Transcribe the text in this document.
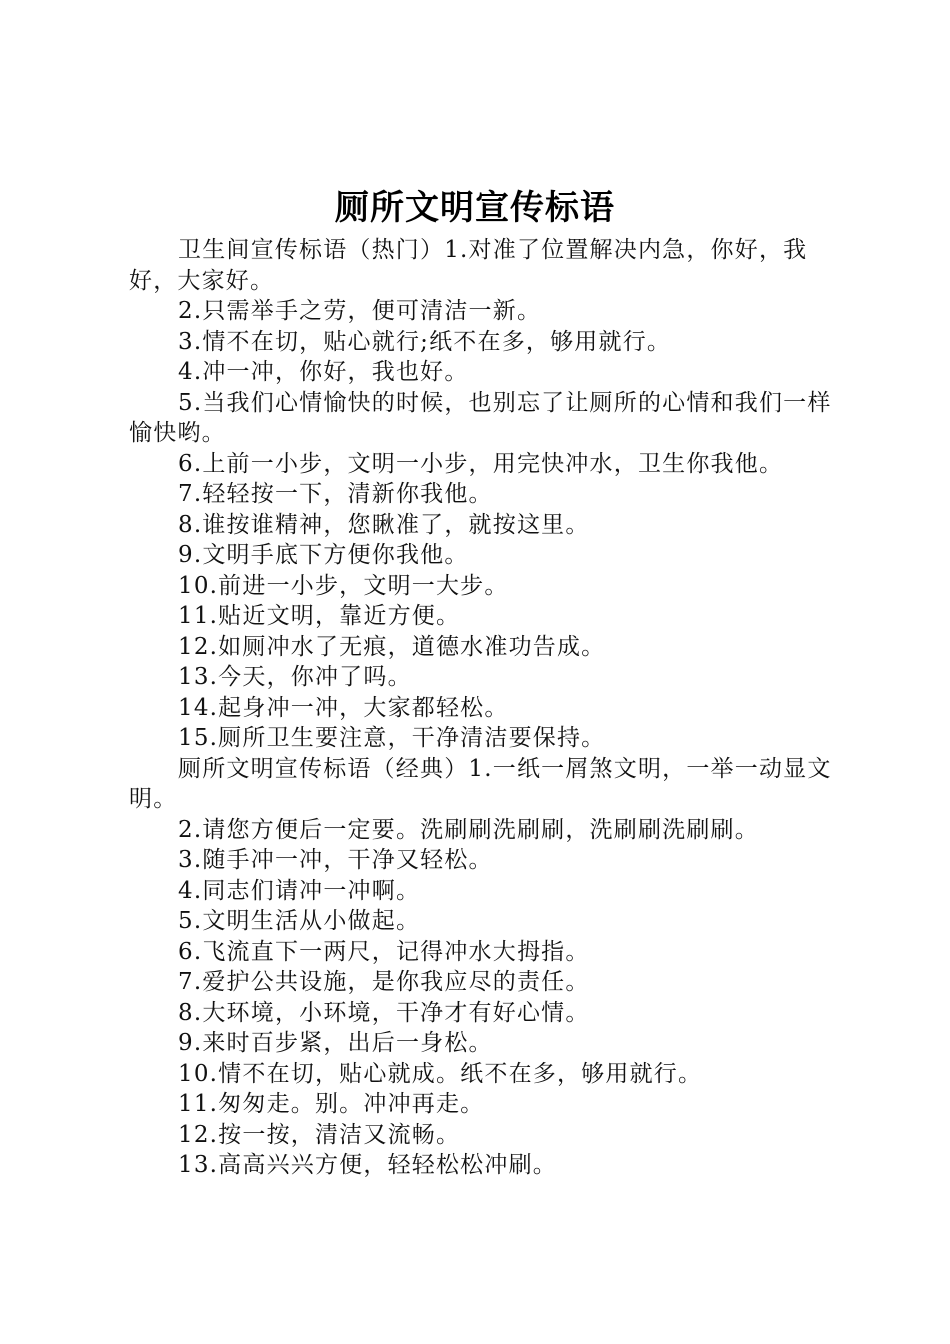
厕所文明宣传标语

卫生间宣传标语（热门）1.对准了位置解决内急，你好，我好，大家好。

2.只需举手之劳，便可清洁一新。

3.情不在切，贴心就行;纸不在多，够用就行。

4.冲一冲，你好，我也好。

5.当我们心情愉快的时候，也别忘了让厕所的心情和我们一样愉快哟。

6.上前一小步，文明一小步，用完快冲水，卫生你我他。

7.轻轻按一下，清新你我他。

8.谁按谁精神，您瞅准了，就按这里。

9.文明手底下方便你我他。

10.前进一小步，文明一大步。

11.贴近文明，靠近方便。

12.如厕冲水了无痕，道德水准功告成。

13.今天，你冲了吗。

14.起身冲一冲，大家都轻松。

15.厕所卫生要注意，干净清洁要保持。

厕所文明宣传标语（经典）1.一纸一屑煞文明，一举一动显文明。

2.请您方便后一定要。洗刷刷洗刷刷，洗刷刷洗刷刷。

3.随手冲一冲，干净又轻松。

4.同志们请冲一冲啊。

5.文明生活从小做起。

6.飞流直下一两尺，记得冲水大拇指。

7.爱护公共设施，是你我应尽的责任。

8.大环境，小环境，干净才有好心情。

9.来时百步紧，出后一身松。

10.情不在切，贴心就成。纸不在多，够用就行。

11.匆匆走。别。冲冲再走。

12.按一按，清洁又流畅。

13.高高兴兴方便，轻轻松松冲刷。
